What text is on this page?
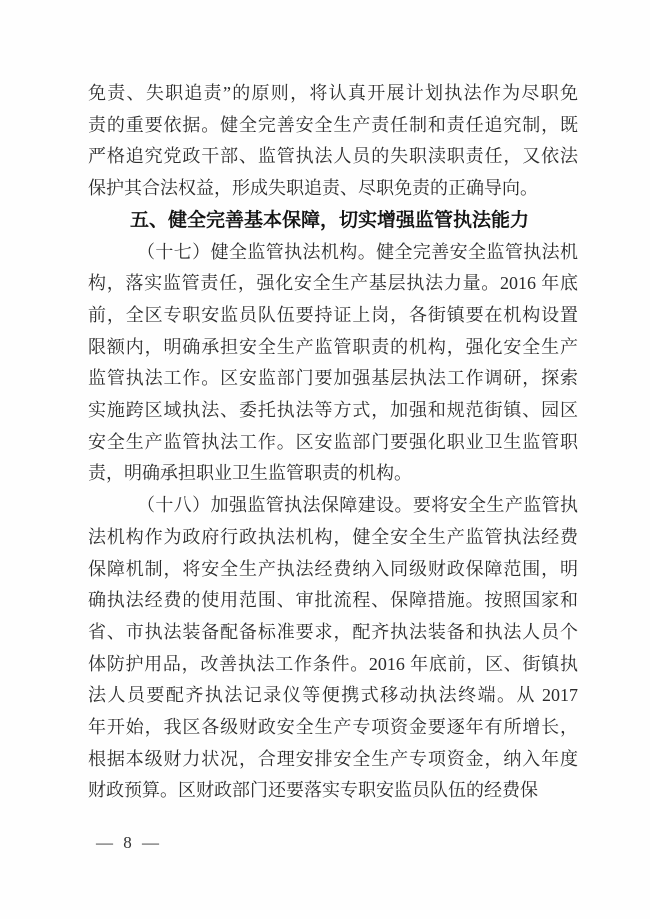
免责、失职追责”的原则，将认真开展计划执法作为尽职免
责的重要依据。健全完善安全生产责任制和责任追究制，既
严格追究党政干部、监管执法人员的失职渎职责任，又依法
保护其合法权益，形成失职追责、尽职免责的正确导向。
五、健全完善基本保障，切实增强监管执法能力
（十七）健全监管执法机构。健全完善安全监管执法机
构，落实监管责任，强化安全生产基层执法力量。2016 年底
前，全区专职安监员队伍要持证上岗，各街镇要在机构设置
限额内，明确承担安全生产监管职责的机构，强化安全生产
监管执法工作。区安监部门要加强基层执法工作调研，探索
实施跨区域执法、委托执法等方式，加强和规范街镇、园区
安全生产监管执法工作。区安监部门要强化职业卫生监管职
责，明确承担职业卫生监管职责的机构。
（十八）加强监管执法保障建设。要将安全生产监管执
法机构作为政府行政执法机构，健全安全生产监管执法经费
保障机制，将安全生产执法经费纳入同级财政保障范围，明
确执法经费的使用范围、审批流程、保障措施。按照国家和
省、市执法装备配备标准要求，配齐执法装备和执法人员个
体防护用品，改善执法工作条件。2016 年底前，区、街镇执
法人员要配齐执法记录仪等便携式移动执法终端。从 2017
年开始，我区各级财政安全生产专项资金要逐年有所增长，
根据本级财力状况，合理安排安全生产专项资金，纳入年度
财政预算。区财政部门还要落实专职安监员队伍的经费保
— 8 —
